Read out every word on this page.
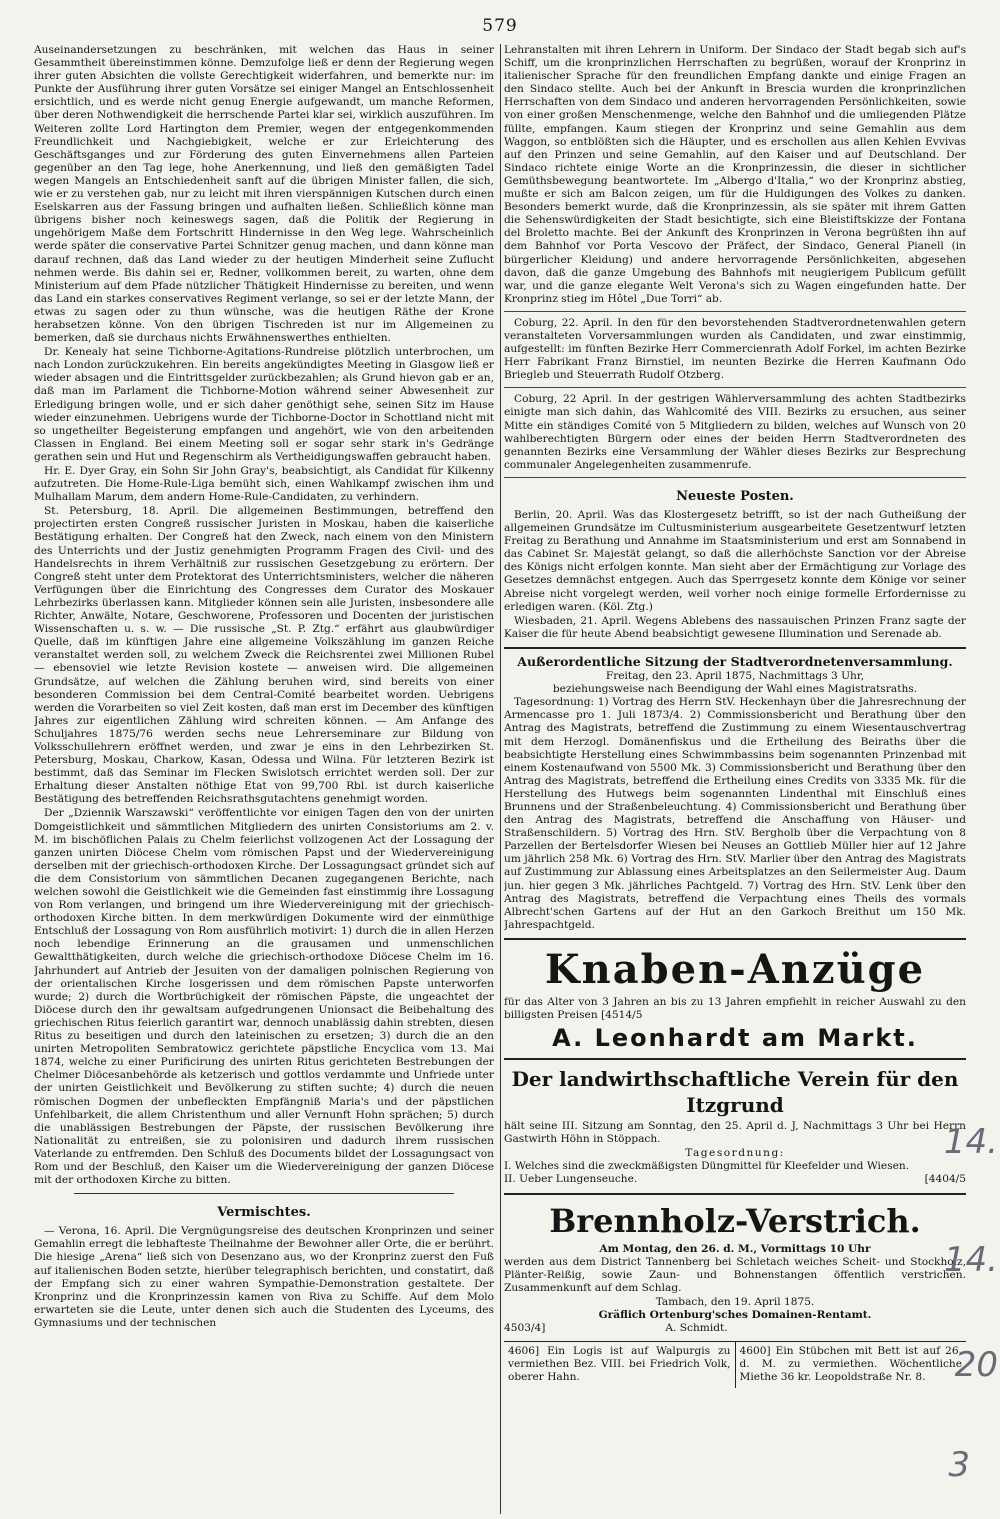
579

Auseinandersetzungen zu beschränken, mit welchen das Haus in seiner Gesammtheit übereinstimmen könne. Demzufolge ließ er denn der Regierung wegen ihrer guten Absichten die vollste Gerechtigkeit widerfahren, und bemerkte nur: im Punkte der Ausführung ihrer guten Vorsätze sei einiger Mangel an Entschlossenheit ersichtlich, und es werde nicht genug Energie aufgewandt, um manche Reformen, über deren Nothwendigkeit die herrschende Partei klar sei, wirklich auszuführen. Im Weiteren zollte Lord Hartington dem Premier, wegen der entgegenkommenden Freundlichkeit und Nachgiebigkeit, welche er zur Erleichterung des Geschäftsganges und zur Förderung des guten Einvernehmens allen Parteien gegenüber an den Tag lege, hohe Anerkennung, und ließ den gemäßigten Tadel wegen Mangels an Entschiedenheit sanft auf die übrigen Minister fallen, die sich, wie er zu verstehen gab, nur zu leicht mit ihren vierspännigen Kutschen durch einen Eselskarren aus der Fassung bringen und aufhalten ließen. Schließlich könne man übrigens bisher noch keineswegs sagen, daß die Politik der Regierung in ungehörigem Maße dem Fortschritt Hindernisse in den Weg lege. Wahrscheinlich werde später die conservative Partei Schnitzer genug machen, und dann könne man darauf rechnen, daß das Land wieder zu der heutigen Minderheit seine Zuflucht nehmen werde. Bis dahin sei er, Redner, vollkommen bereit, zu warten, ohne dem Ministerium auf dem Pfade nützlicher Thätigkeit Hindernisse zu bereiten, und wenn das Land ein starkes conservatives Regiment verlange, so sei er der letzte Mann, der etwas zu sagen oder zu thun wünsche, was die heutigen Räthe der Krone herabsetzen könne. Von den übrigen Tischreden ist nur im Allgemeinen zu bemerken, daß sie durchaus nichts Erwähnenswerthes enthielten.

Dr. Kenealy hat seine Tichborne-Agitations-Rundreise plötzlich unterbrochen, um nach London zurückzukehren. Ein bereits angekündigtes Meeting in Glasgow ließ er wieder absagen und die Eintrittsgelder zurückbezahlen; als Grund hievon gab er an, daß man im Parlament die Tichborne-Motion während seiner Abwesenheit zur Erledigung bringen wolle, und er sich daher genöthigt sehe, seinen Sitz im Hause wieder einzunehmen. Uebrigens wurde der Tichborne-Doctor in Schottland nicht mit so ungetheilter Begeisterung empfangen und angehört, wie von den arbeitenden Classen in England. Bei einem Meeting soll er sogar sehr stark in's Gedränge gerathen sein und Hut und Regenschirm als Vertheidigungswaffen gebraucht haben.

Hr. E. Dyer Gray, ein Sohn Sir John Gray's, beabsichtigt, als Candidat für Kilkenny aufzutreten. Die Home-Rule-Liga bemüht sich, einen Wahlkampf zwischen ihm und Mulhallam Marum, dem andern Home-Rule-Candidaten, zu verhindern.

St. Petersburg, 18. April. Die allgemeinen Bestimmungen, betreffend den projectirten ersten Congreß russischer Juristen in Moskau, haben die kaiserliche Bestätigung erhalten. Der Congreß hat den Zweck, nach einem von den Ministern des Unterrichts und der Justiz genehmigten Programm Fragen des Civil- und des Handelsrechts in ihrem Verhältniß zur russischen Gesetzgebung zu erörtern. Der Congreß steht unter dem Protektorat des Unterrichtsministers, welcher die näheren Verfügungen über die Einrichtung des Congresses dem Curator des Moskauer Lehrbezirks überlassen kann. Mitglieder können sein alle Juristen, insbesondere alle Richter, Anwälte, Notare, Geschworene, Professoren und Docenten der juristischen Wissenschaften u. s. w. — Die russische „St. P. Ztg.“ erfährt aus glaubwürdiger Quelle, daß im künftigen Jahre eine allgemeine Volkszählung im ganzen Reiche veranstaltet werden soll, zu welchem Zweck die Reichsrentei zwei Millionen Rubel — ebensoviel wie letzte Revision kostete — anweisen wird. Die allgemeinen Grundsätze, auf welchen die Zählung beruhen wird, sind bereits von einer besonderen Commission bei dem Central-Comité bearbeitet worden. Uebrigens werden die Vorarbeiten so viel Zeit kosten, daß man erst im December des künftigen Jahres zur eigentlichen Zählung wird schreiten können. — Am Anfange des Schuljahres 1875/76 werden sechs neue Lehrerseminare zur Bildung von Volksschullehrern eröffnet werden, und zwar je eins in den Lehrbezirken St. Petersburg, Moskau, Charkow, Kasan, Odessa und Wilna. Für letzteren Bezirk ist bestimmt, daß das Seminar im Flecken Swislotsch errichtet werden soll. Der zur Erhaltung dieser Anstalten nöthige Etat von 99,700 Rbl. ist durch kaiserliche Bestätigung des betreffenden Reichsrathsgutachtens genehmigt worden.

Der „Dziennik Warszawski“ veröffentlichte vor einigen Tagen den von der unirten Domgeistlichkeit und sämmtlichen Mitgliedern des unirten Consistoriums am 2. v. M. im bischöflichen Palais zu Chelm feierlichst vollzogenen Act der Lossagung der ganzen unirten Diöcese Chelm vom römischen Papst und der Wiedervereinigung derselben mit der griechisch-orthodoxen Kirche. Der Lossagungsact gründet sich auf die dem Consistorium von sämmtlichen Decanen zugegangenen Berichte, nach welchen sowohl die Geistlichkeit wie die Gemeinden fast einstimmig ihre Lossagung von Rom verlangen, und bringend um ihre Wiedervereinigung mit der griechisch-orthodoxen Kirche bitten. In dem merkwürdigen Dokumente wird der einmüthige Entschluß der Lossagung von Rom ausführlich motivirt: 1) durch die in allen Herzen noch lebendige Erinnerung an die grausamen und unmenschlichen Gewaltthätigkeiten, durch welche die griechisch-orthodoxe Diöcese Chelm im 16. Jahrhundert auf Antrieb der Jesuiten von der damaligen polnischen Regierung von der orientalischen Kirche losgerissen und dem römischen Papste unterworfen wurde; 2) durch die Wortbrüchigkeit der römischen Päpste, die ungeachtet der Diöcese durch den ihr gewaltsam aufgedrungenen Unionsact die Beibehaltung des griechischen Ritus feierlich garantirt war, dennoch unablässig dahin strebten, diesen Ritus zu beseitigen und durch den lateinischen zu ersetzen; 3) durch die an den unirten Metropoliten Sembratowicz gerichtete päpstliche Encyclica vom 13. Mai 1874, welche zu einer Purificirung des unirten Ritus gerichteten Bestrebungen der Chelmer Diöcesanbehörde als ketzerisch und gottlos verdammte und Unfriede unter der unirten Geistlichkeit und Bevölkerung zu stiften suchte; 4) durch die neuen römischen Dogmen der unbefleckten Empfängniß Maria's und der päpstlichen Unfehlbarkeit, die allem Christenthum und aller Vernunft Hohn sprächen; 5) durch die unablässigen Bestrebungen der Päpste, der russischen Bevölkerung ihre Nationalität zu entreißen, sie zu polonisiren und dadurch ihrem russischen Vaterlande zu entfremden. Den Schluß des Documents bildet der Lossagungsact von Rom und der Beschluß, den Kaiser um die Wiedervereinigung der ganzen Diöcese mit der orthodoxen Kirche zu bitten.

Vermischtes.

— Verona, 16. April. Die Vergnügungsreise des deutschen Kronprinzen und seiner Gemahlin erregt die lebhafteste Theilnahme der Bewohner aller Orte, die er berührt. Die hiesige „Arena“ ließ sich von Desenzano aus, wo der Kronprinz zuerst den Fuß auf italienischen Boden setzte, hierüber telegraphisch berichten, und constatirt, daß der Empfang sich zu einer wahren Sympathie-Demonstration gestaltete. Der Kronprinz und die Kronprinzessin kamen von Riva zu Schiffe. Auf dem Molo erwarteten sie die Leute, unter denen sich auch die Studenten des Lyceums, des Gymnasiums und der technischen

Lehranstalten mit ihren Lehrern in Uniform. Der Sindaco der Stadt begab sich auf's Schiff, um die kronprinzlichen Herrschaften zu begrüßen, worauf der Kronprinz in italienischer Sprache für den freundlichen Empfang dankte und einige Fragen an den Sindaco stellte. Auch bei der Ankunft in Brescia wurden die kronprinzlichen Herrschaften von dem Sindaco und anderen hervorragenden Persönlichkeiten, sowie von einer großen Menschenmenge, welche den Bahnhof und die umliegenden Plätze füllte, empfangen. Kaum stiegen der Kronprinz und seine Gemahlin aus dem Waggon, so entblößten sich die Häupter, und es erschollen aus allen Kehlen Evvivas auf den Prinzen und seine Gemahlin, auf den Kaiser und auf Deutschland. Der Sindaco richtete einige Worte an die Kronprinzessin, die dieser in sichtlicher Gemüthsbewegung beantwortete. Im „Albergo d'Italia,“ wo der Kronprinz abstieg, mußte er sich am Balcon zeigen, um für die Huldigungen des Volkes zu danken. Besonders bemerkt wurde, daß die Kronprinzessin, als sie später mit ihrem Gatten die Sehenswürdigkeiten der Stadt besichtigte, sich eine Bleistiftskizze der Fontana del Broletto machte. Bei der Ankunft des Kronprinzen in Verona begrüßten ihn auf dem Bahnhof vor Porta Vescovo der Präfect, der Sindaco, General Pianell (in bürgerlicher Kleidung) und andere hervorragende Persönlichkeiten, abgesehen davon, daß die ganze Umgebung des Bahnhofs mit neugierigem Publicum gefüllt war, und die ganze elegante Welt Verona's sich zu Wagen eingefunden hatte. Der Kronprinz stieg im Hôtel „Due Torri“ ab.

Coburg, 22. April. In den für den bevorstehenden Stadtverordnetenwahlen getern veranstalteten Vorversammlungen wurden als Candidaten, und zwar einstimmig, aufgestellt: im fünften Bezirke Herr Commercienrath Adolf Forkel, im achten Bezirke Herr Fabrikant Franz Birnstiel, im neunten Bezirke die Herren Kaufmann Odo Briegleb und Steuerrath Rudolf Otzberg.

Coburg, 22 April. In der gestrigen Wählerversammlung des achten Stadtbezirks einigte man sich dahin, das Wahlcomité des VIII. Bezirks zu ersuchen, aus seiner Mitte ein ständiges Comité von 5 Mitgliedern zu bilden, welches auf Wunsch von 20 wahlberechtigten Bürgern oder eines der beiden Herrn Stadtverordneten des genannten Bezirks eine Versammlung der Wähler dieses Bezirks zur Besprechung communaler Angelegenheiten zusammenrufe.

Neueste Posten.

Berlin, 20. April. Was das Klostergesetz betrifft, so ist der nach Gutheißung der allgemeinen Grundsätze im Cultusministerium ausgearbeitete Gesetzentwurf letzten Freitag zu Berathung und Annahme im Staatsministerium und erst am Sonnabend in das Cabinet Sr. Majestät gelangt, so daß die allerhöchste Sanction vor der Abreise des Königs nicht erfolgen konnte. Man sieht aber der Ermächtigung zur Vorlage des Gesetzes demnächst entgegen. Auch das Sperrgesetz konnte dem Könige vor seiner Abreise nicht vorgelegt werden, weil vorher noch einige formelle Erfordernisse zu erledigen waren. (Köl. Ztg.)

Wiesbaden, 21. April. Wegens Ablebens des nassauischen Prinzen Franz sagte der Kaiser die für heute Abend beabsichtigt gewesene Illumination und Serenade ab.

Außerordentliche Sitzung der Stadtverordnetenversammlung.
Freitag, den 23. April 1875, Nachmittags 3 Uhr,
beziehungsweise nach Beendigung der Wahl eines Magistratsraths.

Tagesordnung: 1) Vortrag des Herrn StV. Heckenhayn über die Jahresrechnung der Armencasse pro 1. Juli 1873/4. 2) Commissionsbericht und Berathung über den Antrag des Magistrats, betreffend die Zustimmung zu einem Wiesentauschvertrag mit dem Herzogl. Domänenfiskus und die Ertheilung des Beiraths über die beabsichtigte Herstellung eines Schwimmbassins beim sogenannten Prinzenbad mit einem Kostenaufwand von 5500 Mk. 3) Commissionsbericht und Berathung über den Antrag des Magistrats, betreffend die Ertheilung eines Credits von 3335 Mk. für die Herstellung des Hutwegs beim sogenannten Lindenthal mit Einschluß eines Brunnens und der Straßenbeleuchtung. 4) Commissionsbericht und Berathung über den Antrag des Magistrats, betreffend die Anschaffung von Häuser- und Straßenschildern. 5) Vortrag des Hrn. StV. Bergholb über die Verpachtung von 8 Parzellen der Bertelsdorfer Wiesen bei Neuses an Gottlieb Müller hier auf 12 Jahre um jährlich 258 Mk. 6) Vortrag des Hrn. StV. Marlier über den Antrag des Magistrats auf Zustimmung zur Ablassung eines Arbeitsplatzes an den Seilermeister Aug. Daum jun. hier gegen 3 Mk. jährliches Pachtgeld. 7) Vortrag des Hrn. StV. Lenk über den Antrag des Magistrats, betreffend die Verpachtung eines Theils des vormals Albrecht'schen Gartens auf der Hut an den Garkoch Breithut um 150 Mk. Jahrespachtgeld.

Knaben-Anzüge

für das Alter von 3 Jahren an bis zu 13 Jahren empfiehlt in reicher Auswahl zu den billigsten Preisen [4514/5

A. Leonhardt am Markt.
Der landwirthschaftliche Verein für den Itzgrund

hält seine III. Sitzung am Sonntag, den 25. April d. J, Nachmittags 3 Uhr bei Herrn Gastwirth Höhn in Stöppach.

Tagesordnung:
I. Welches sind die zweckmäßigsten Düngmittel für Kleefelder und Wiesen.
II. Ueber Lungenseuche.	[4404/5
Brennholz-Verstrich.
Am Montag, den 26. d. M., Vormittags 10 Uhr

werden aus dem District Tannenberg bei Schletach weiches Scheit- und Stockholz, Plänter-Reißig, sowie Zaun- und Bohnenstangen öffentlich verstrichen. Zusammenkunft auf dem Schlag.

Tambach, den 19. April 1875.
Gräflich Ortenburg'sches Domainen-Rentamt.
4503/4]	A. Schmidt.
4606] Ein Logis ist auf Walpurgis zu vermiethen Bez. VIII. bei Friedrich Volk, oberer Hahn.
4600] Ein Stübchen mit Bett ist auf 26. d. M. zu vermiethen. Wöchentliche Miethe 36 kr. Leopoldstraße Nr. 8.
14.
14.
20
3
